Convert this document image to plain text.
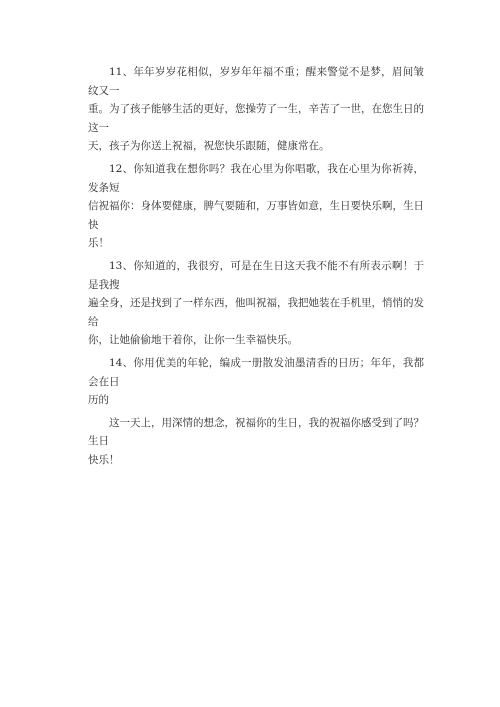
11、年年岁岁花相似，岁岁年年福不重；醒来警觉不是梦，眉间皱纹又一
重。为了孩子能够生活的更好，您操劳了一生，辛苦了一世，在您生日的这一
天，孩子为你送上祝福，祝您快乐跟随，健康常在。

12、你知道我在想你吗？我在心里为你唱歌，我在心里为你祈祷，发条短
信祝福你：身体要健康，脾气要随和，万事皆如意，生日要快乐啊，生日快
乐！

13、你知道的，我很穷，可是在生日这天我不能不有所表示啊！于是我搜
遍全身，还是找到了一样东西，他叫祝福，我把她装在手机里，悄悄的发给
你，让她偷偷地干着你，让你一生幸福快乐。

14、你用优美的年轮，编成一册散发油墨清香的日历；年年，我都会在日
历的

这一天上，用深情的想念，祝福你的生日，我的祝福你感受到了吗？生日
快乐！
